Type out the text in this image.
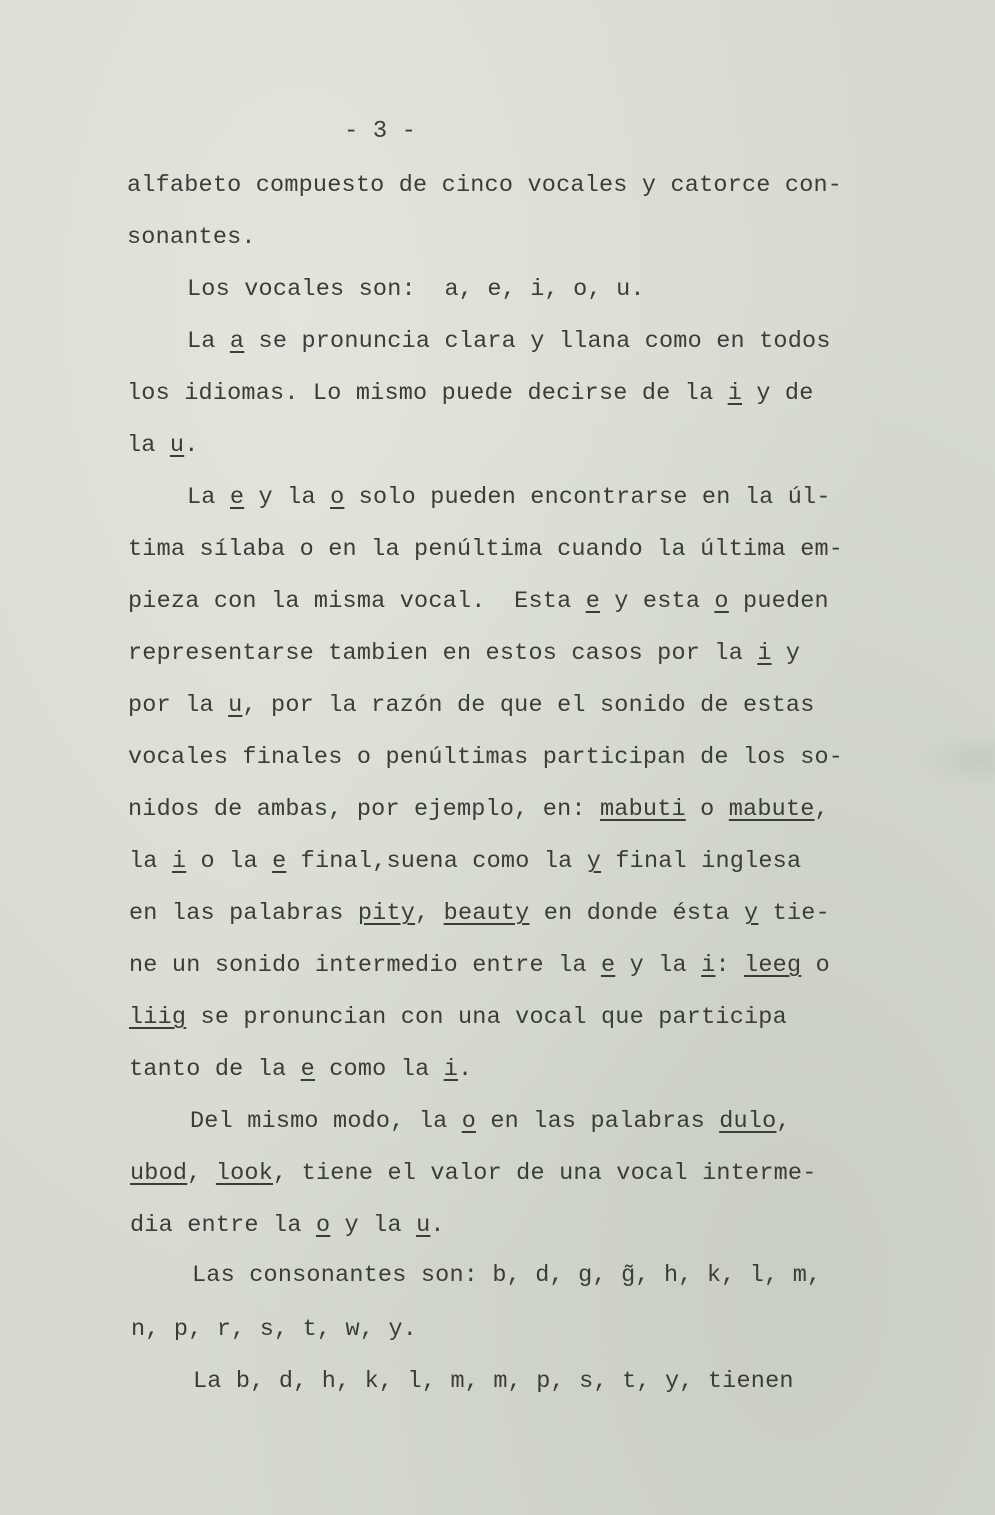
- 3 -
alfabeto compuesto de cinco vocales y catorce con-
sonantes.
Los vocales son:  a, e, i, o, u.
La a se pronuncia clara y llana como en todos
los idiomas. Lo mismo puede decirse de la i y de
la u.
La e y la o solo pueden encontrarse en la úl-
tima sílaba o en la penúltima cuando la última em-
pieza con la misma vocal.  Esta e y esta o pueden
representarse tambien en estos casos por la i y
por la u, por la razón de que el sonido de estas
vocales finales o penúltimas participan de los so-
nidos de ambas, por ejemplo, en: mabuti o mabute,
la i o la e final,suena como la y final inglesa
en las palabras pity, beauty en donde ésta y tie-
ne un sonido intermedio entre la e y la i: leeg o
liig se pronuncian con una vocal que participa
tanto de la e como la i.
Del mismo modo, la o en las palabras dulo,
ubod, look, tiene el valor de una vocal interme-
dia entre la o y la u.
Las consonantes son: b, d, g, g̃, h, k, l, m,
n, p, r, s, t, w, y.
La b, d, h, k, l, m, m, p, s, t, y, tienen
